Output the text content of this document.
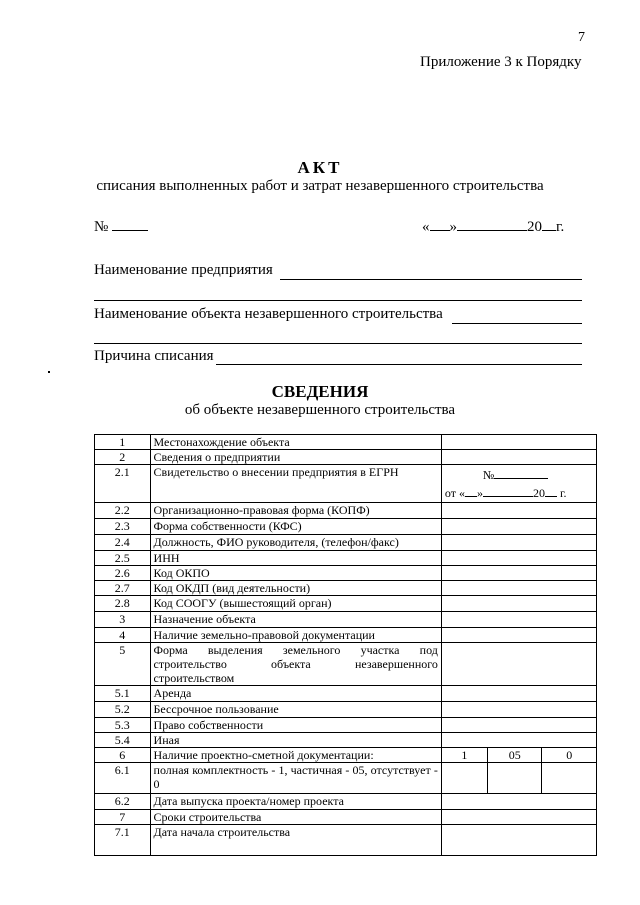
7
Приложение 3 к Порядку
АКТ
списания выполненных работ и затрат незавершенного строительства
№	« »	20 г.
Наименование предприятия
Наименование объекта незавершенного строительства
Причина списания
СВЕДЕНИЯ
об объекте незавершенного строительства
1	Местонахождение объекта			
2	Сведения о предприятии			
2.1	Свидетельство о внесении предприятия в ЕГРН	№
от « » 20 г.		

2.2	Организационно-правовая форма (КОПФ)			
2.3	Форма собственности (КФС)			
2.4	Должность, ФИО руководителя, (телефон/факс)			
2.5	ИНН			
2.6	Код ОКПО			
2.7	Код ОКДП (вид деятельности)			
2.8	Код СООГУ (вышестоящий орган)			
3	Назначение объекта			
4	Наличие земельно-правовой документации			
5	Форма выделения земельного участка под строительство объекта незавершенного строительством			
5.1	Аренда			
5.2	Бессрочное пользование			
5.3	Право собственности			
5.4	Иная			
6	Наличие проектно-сметной документации:	1	05	0
6.1	полная комплектность - 1, частичная - 05, отсутствует - 0			
6.2	Дата выпуска проекта/номер проекта			
7	Сроки строительства			
7.1	Дата начала строительства			
